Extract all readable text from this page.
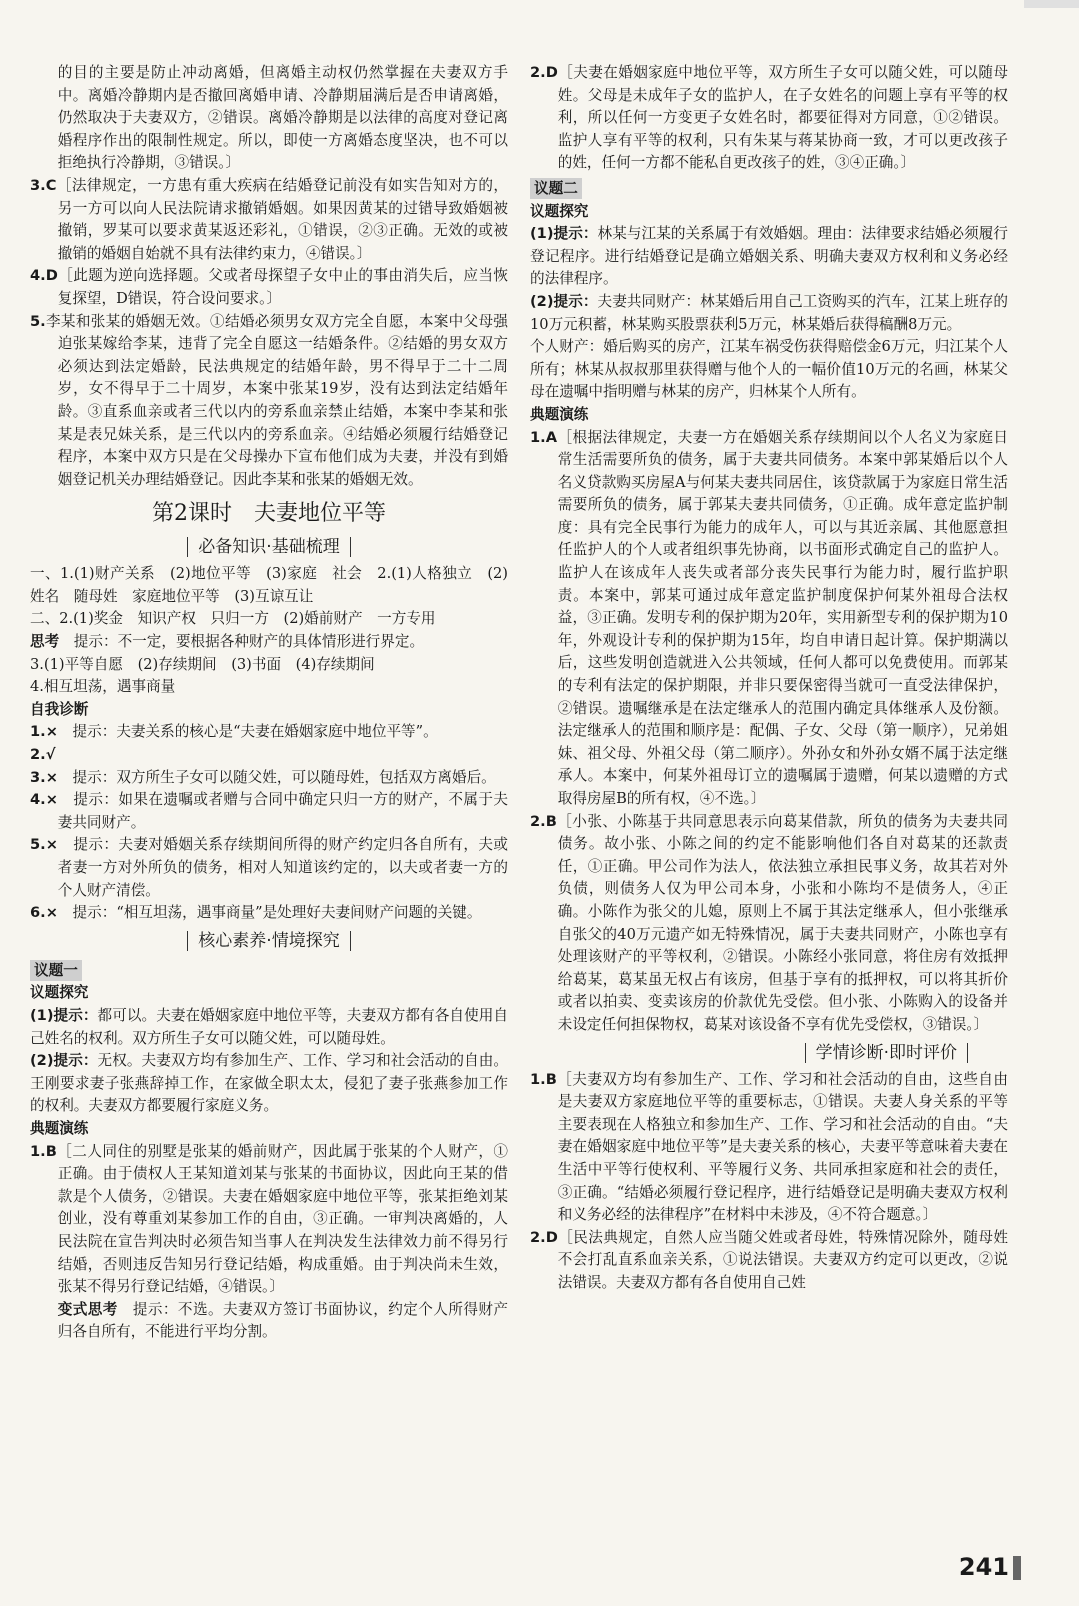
的目的主要是防止冲动离婚，但离婚主动权仍然掌握在夫妻双方手中。离婚冷静期内是否撤回离婚申请、冷静期届满后是否申请离婚，仍然取决于夫妻双方，②错误。离婚冷静期是以法律的高度对登记离婚程序作出的限制性规定。所以，即使一方离婚态度坚决，也不可以拒绝执行冷静期，③错误。〕
3.C［法律规定，一方患有重大疾病在结婚登记前没有如实告知对方的，另一方可以向人民法院请求撤销婚姻。如果因黄某的过错导致婚姻被撤销，罗某可以要求黄某返还彩礼，①错误，②③正确。无效的或被撤销的婚姻自始就不具有法律约束力，④错误。〕
4.D［此题为逆向选择题。父或者母探望子女中止的事由消失后，应当恢复探望，D错误，符合设问要求。〕
5.李某和张某的婚姻无效。①结婚必须男女双方完全自愿，本案中父母强迫张某嫁给李某，违背了完全自愿这一结婚条件。②结婚的男女双方必须达到法定婚龄，民法典规定的结婚年龄，男不得早于二十二周岁，女不得早于二十周岁，本案中张某19岁，没有达到法定结婚年龄。③直系血亲或者三代以内的旁系血亲禁止结婚，本案中李某和张某是表兄妹关系，是三代以内的旁系血亲。④结婚必须履行结婚登记程序，本案中双方只是在父母操办下宣布他们成为夫妻，并没有到婚姻登记机关办理结婚登记。因此李某和张某的婚姻无效。
第2课时　夫妻地位平等
必备知识·基础梳理
一、1.(1)财产关系　(2)地位平等　(3)家庭　社会　2.(1)人格独立　(2)姓名　随母姓　家庭地位平等　(3)互谅互让
二、2.(1)奖金　知识产权　只归一方　(2)婚前财产　一方专用
思考　提示：不一定，要根据各种财产的具体情形进行界定。
3.(1)平等自愿　(2)存续期间　(3)书面　(4)存续期间
4.相互坦荡，遇事商量
自我诊断
1.×　提示：夫妻关系的核心是“夫妻在婚姻家庭中地位平等”。
2.√
3.×　提示：双方所生子女可以随父姓，可以随母姓，包括双方离婚后。
4.×　提示：如果在遗嘱或者赠与合同中确定只归一方的财产，不属于夫妻共同财产。
5.×　提示：夫妻对婚姻关系存续期间所得的财产约定归各自所有，夫或者妻一方对外所负的债务，相对人知道该约定的，以夫或者妻一方的个人财产清偿。
6.×　提示：“相互坦荡，遇事商量”是处理好夫妻间财产问题的关键。
核心素养·情境探究
议题一
议题探究
(1)提示：都可以。夫妻在婚姻家庭中地位平等，夫妻双方都有各自使用自己姓名的权利。双方所生子女可以随父姓，可以随母姓。
(2)提示：无权。夫妻双方均有参加生产、工作、学习和社会活动的自由。王刚要求妻子张燕辞掉工作，在家做全职太太，侵犯了妻子张燕参加工作的权利。夫妻双方都要履行家庭义务。
典题演练
1.B［二人同住的别墅是张某的婚前财产，因此属于张某的个人财产，①正确。由于债权人王某知道刘某与张某的书面协议，因此向王某的借款是个人债务，②错误。夫妻在婚姻家庭中地位平等，张某拒绝刘某创业，没有尊重刘某参加工作的自由，③正确。一审判决离婚的，人民法院在宣告判决时必须告知当事人在判决发生法律效力前不得另行结婚，否则违反告知另行登记结婚，构成重婚。由于判决尚未生效，张某不得另行登记结婚，④错误。〕
变式思考　提示：不选。夫妻双方签订书面协议，约定个人所得财产归各自所有，不能进行平均分割。
2.D［夫妻在婚姻家庭中地位平等，双方所生子女可以随父姓，可以随母姓。父母是未成年子女的监护人，在子女姓名的问题上享有平等的权利，所以任何一方变更子女姓名时，都要征得对方同意，①②错误。监护人享有平等的权利，只有朱某与蒋某协商一致，才可以更改孩子的姓，任何一方都不能私自更改孩子的姓，③④正确。〕
议题二
议题探究
(1)提示：林某与江某的关系属于有效婚姻。理由：法律要求结婚必须履行登记程序。进行结婚登记是确立婚姻关系、明确夫妻双方权利和义务必经的法律程序。
(2)提示：夫妻共同财产：林某婚后用自己工资购买的汽车，江某上班存的10万元积蓄，林某购买股票获利5万元，林某婚后获得稿酬8万元。
个人财产：婚后购买的房产，江某车祸受伤获得赔偿金6万元，归江某个人所有；林某从叔叔那里获得赠与他个人的一幅价值10万元的名画，林某父母在遗嘱中指明赠与林某的房产，归林某个人所有。
典题演练
1.A［根据法律规定，夫妻一方在婚姻关系存续期间以个人名义为家庭日常生活需要所负的债务，属于夫妻共同债务。本案中郭某婚后以个人名义贷款购买房屋A与何某夫妻共同居住，该贷款属于为家庭日常生活需要所负的债务，属于郭某夫妻共同债务，①正确。成年意定监护制度：具有完全民事行为能力的成年人，可以与其近亲属、其他愿意担任监护人的个人或者组织事先协商，以书面形式确定自己的监护人。监护人在该成年人丧失或者部分丧失民事行为能力时，履行监护职责。本案中，郭某可通过成年意定监护制度保护何某外祖母合法权益，③正确。发明专利的保护期为20年，实用新型专利的保护期为10年，外观设计专利的保护期为15年，均自申请日起计算。保护期满以后，这些发明创造就进入公共领域，任何人都可以免费使用。而郭某的专利有法定的保护期限，并非只要保密得当就可一直受法律保护，②错误。遗嘱继承是在法定继承人的范围内确定具体继承人及份额。法定继承人的范围和顺序是：配偶、子女、父母（第一顺序），兄弟姐妹、祖父母、外祖父母（第二顺序）。外孙女和外孙女婿不属于法定继承人。本案中，何某外祖母订立的遗嘱属于遗赠，何某以遗赠的方式取得房屋B的所有权，④不选。〕
2.B［小张、小陈基于共同意思表示向葛某借款，所负的债务为夫妻共同债务。故小张、小陈之间的约定不能影响他们各自对葛某的还款责任，①正确。甲公司作为法人，依法独立承担民事义务，故其若对外负债，则债务人仅为甲公司本身，小张和小陈均不是债务人，④正确。小陈作为张父的儿媳，原则上不属于其法定继承人，但小张继承自张父的40万元遗产如无特殊情况，属于夫妻共同财产，小陈也享有处理该财产的平等权利，②错误。小陈经小张同意，将住房有效抵押给葛某，葛某虽无权占有该房，但基于享有的抵押权，可以将其折价或者以拍卖、变卖该房的价款优先受偿。但小张、小陈购入的设备并未设定任何担保物权，葛某对该设备不享有优先受偿权，③错误。〕
学情诊断·即时评价
1.B［夫妻双方均有参加生产、工作、学习和社会活动的自由，这些自由是夫妻双方家庭地位平等的重要标志，①错误。夫妻人身关系的平等主要表现在人格独立和参加生产、工作、学习和社会活动的自由。“夫妻在婚姻家庭中地位平等”是夫妻关系的核心，夫妻平等意味着夫妻在生活中平等行使权利、平等履行义务、共同承担家庭和社会的责任，③正确。“结婚必须履行登记程序，进行结婚登记是明确夫妻双方权利和义务必经的法律程序”在材料中未涉及，④不符合题意。〕
2.D［民法典规定，自然人应当随父姓或者母姓，特殊情况除外，随母姓不会打乱直系血亲关系，①说法错误。夫妻双方约定可以更改，②说法错误。夫妻双方都有各自使用自己姓
241
